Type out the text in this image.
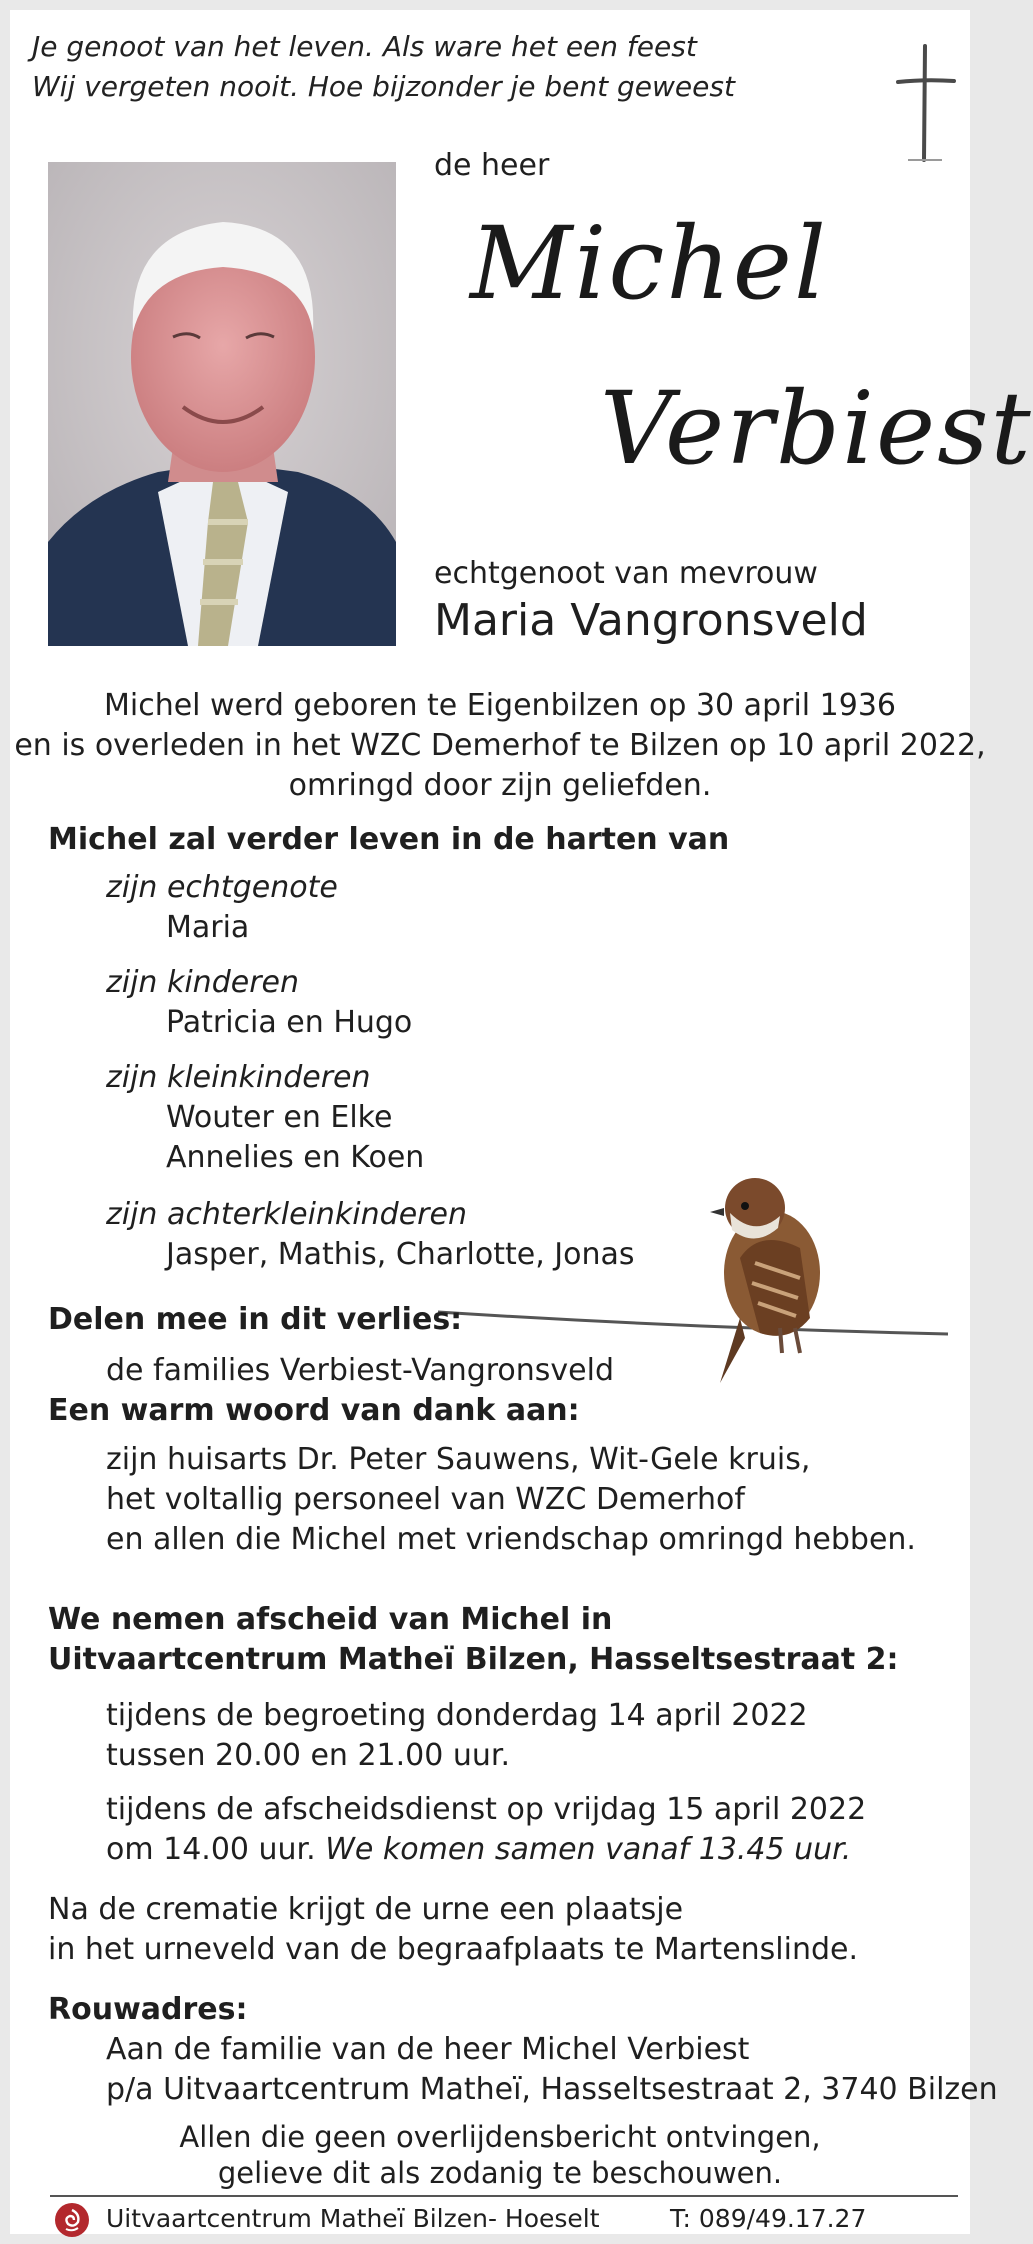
Je genoot van het leven. Als ware het een feest
Wij vergeten nooit. Hoe bijzonder je bent geweest
de heer
Michel
Verbiest
echtgenoot van mevrouw
Maria Vangronsveld
Michel werd geboren te Eigenbilzen op 30 april 1936
en is overleden in het WZC Demerhof te Bilzen op 10 april 2022,
omringd door zijn geliefden.
Michel zal verder leven in de harten van
zijn echtgenote
Maria
zijn kinderen
Patricia en Hugo
zijn kleinkinderen
Wouter en Elke
Annelies en Koen
zijn achterkleinkinderen
Jasper, Mathis, Charlotte, Jonas
Delen mee in dit verlies:
de families Verbiest-Vangronsveld
Een warm woord van dank aan:
zijn huisarts Dr. Peter Sauwens, Wit-Gele kruis,
het voltallig personeel van WZC Demerhof
en allen die Michel met vriendschap omringd hebben.
We nemen afscheid van Michel in
Uitvaartcentrum Matheï Bilzen, Hasseltsestraat 2:
tijdens de begroeting donderdag 14 april 2022
tussen 20.00 en 21.00 uur.
tijdens de afscheidsdienst op vrijdag 15 april 2022
om 14.00 uur. We komen samen vanaf 13.45 uur.
Na de crematie krijgt de urne een plaatsje
in het urneveld van de begraafplaats te Martenslinde.
Rouwadres:
Aan de familie van de heer Michel Verbiest
p/a Uitvaartcentrum Matheï, Hasseltsestraat 2, 3740 Bilzen
Allen die geen overlijdensbericht ontvingen,
gelieve dit als zodanig te beschouwen.
Uitvaartcentrum Matheï Bilzen- Hoeselt	T: 089/49.17.27
